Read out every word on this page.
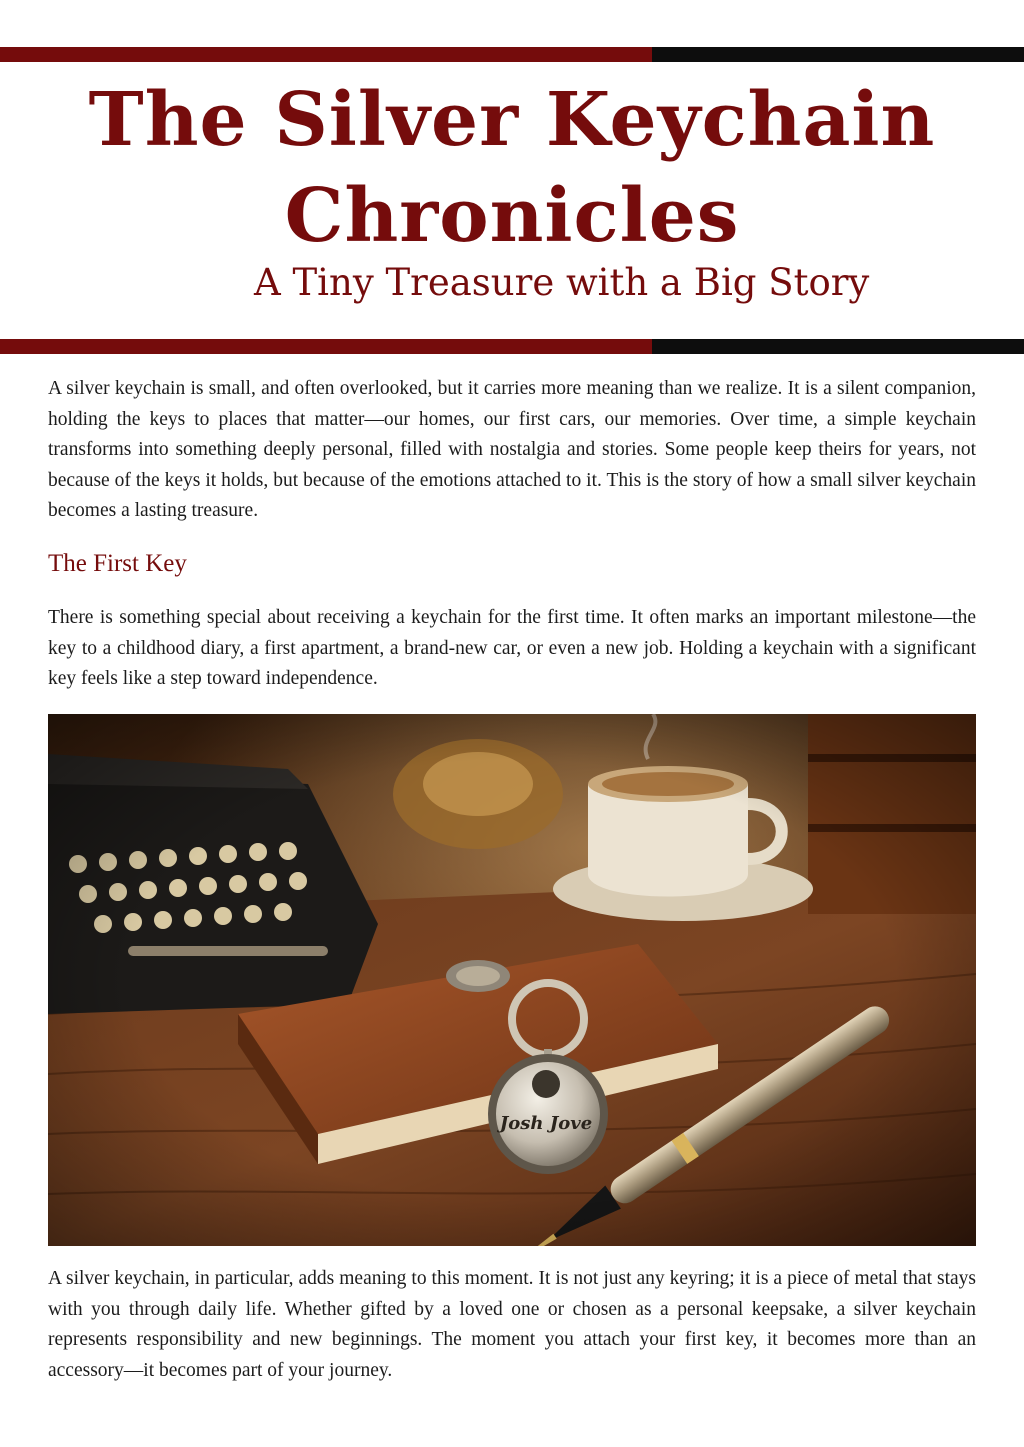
The Silver Keychain
Chronicles

A Tiny Treasure with a Big Story

A silver keychain is small, and often overlooked, but it carries more meaning than we realize. It is a silent companion, holding the keys to places that matter—our homes, our first cars, our memories. Over time, a simple keychain transforms into something deeply personal, filled with nostalgia and stories. Some people keep theirs for years, not because of the keys it holds, but because of the emotions attached to it. This is the story of how a small silver keychain becomes a lasting treasure.

The First Key

There is something special about receiving a keychain for the first time. It often marks an important milestone—the key to a childhood diary, a first apartment, a brand-new car, or even a new job. Holding a keychain with a significant key feels like a step toward independence.

A silver keychain, in particular, adds meaning to this moment. It is not just any keyring; it is a piece of metal that stays with you through daily life. Whether gifted by a loved one or chosen as a personal keepsake, a silver keychain represents responsibility and new beginnings. The moment you attach your first key, it becomes more than an accessory—it becomes part of your journey.
